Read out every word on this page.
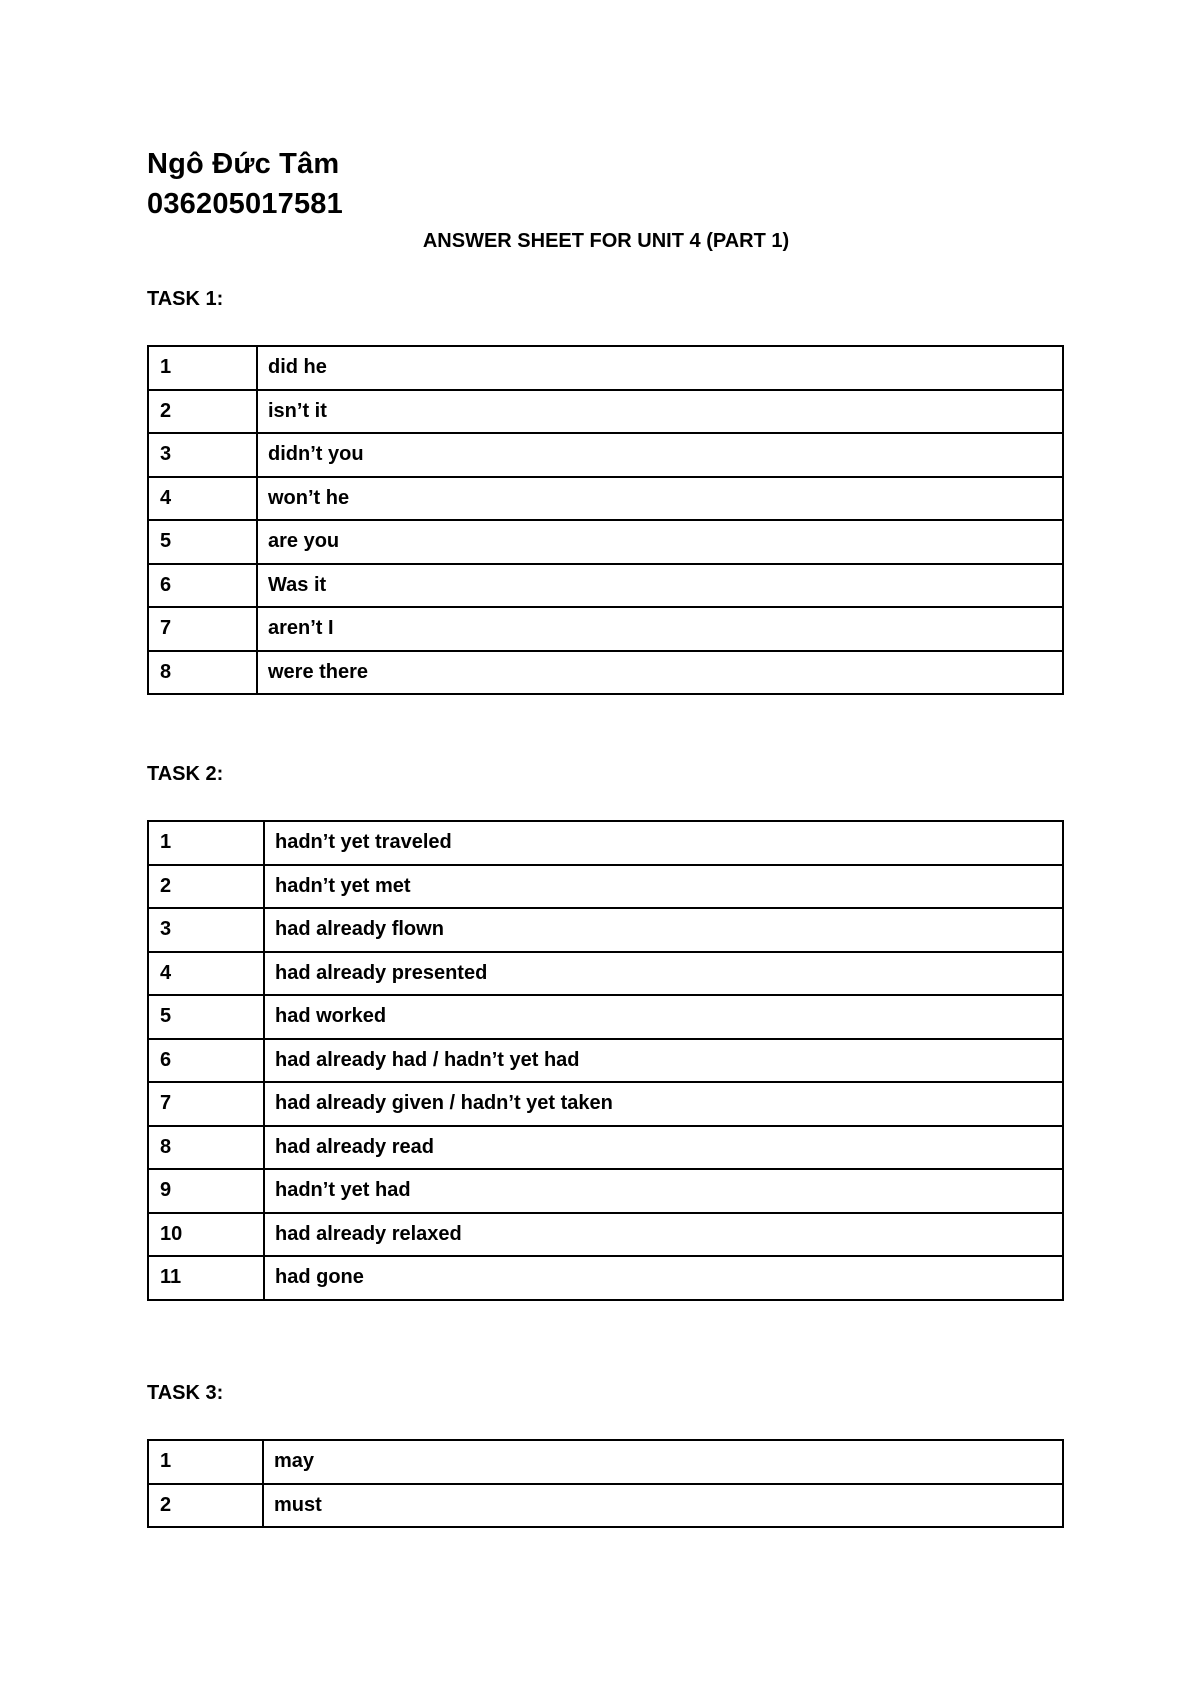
Ngô Đức Tâm
036205017581
ANSWER SHEET FOR UNIT 4 (PART 1)
TASK 1:
1	did he
2	isn’t it
3	didn’t you
4	won’t he
5	are you
6	Was it
7	aren’t I
8	were there
TASK 2:
1	hadn’t yet traveled
2	hadn’t yet met
3	had already flown
4	had already presented
5	had worked
6	had already had / hadn’t yet had
7	had already given / hadn’t yet taken
8	had already read
9	hadn’t yet had
10	had already relaxed
11	had gone
TASK 3:
1	may
2	must
